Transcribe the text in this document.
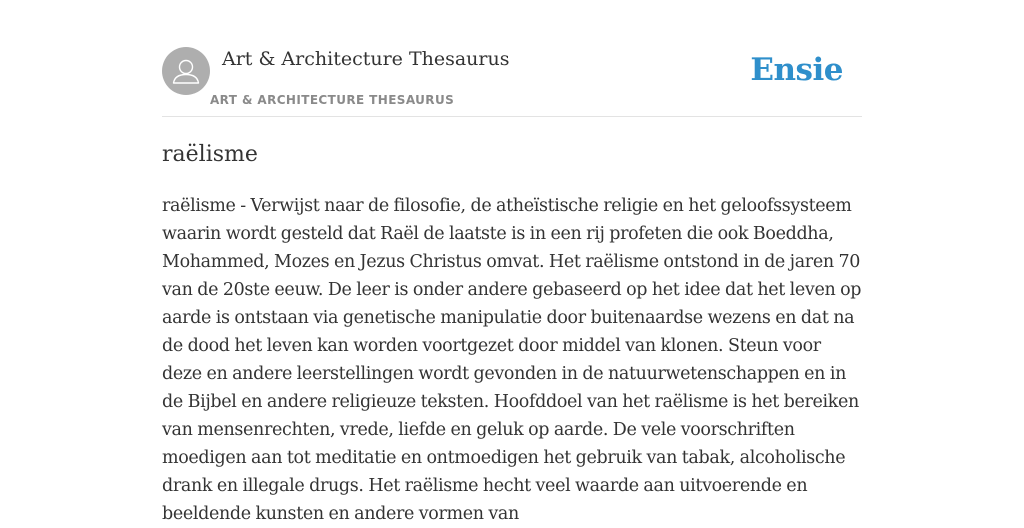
Art & Architecture Thesaurus
ART & ARCHITECTURE THESAURUS
Ensie
raëlisme

raëlisme - Verwijst naar de filosofie, de atheïstische religie en het geloofssysteem waarin wordt gesteld dat Raël de laatste is in een rij profeten die ook Boeddha, Mohammed, Mozes en Jezus Christus omvat. Het raëlisme ontstond in de jaren 70 van de 20ste eeuw. De leer is onder andere gebaseerd op het idee dat het leven op aarde is ontstaan via genetische manipulatie door buitenaardse wezens en dat na de dood het leven kan worden voortgezet door middel van klonen. Steun voor deze en andere leerstellingen wordt gevonden in de natuurwetenschappen en in de Bijbel en andere religieuze teksten. Hoofddoel van het raëlisme is het bereiken van mensenrechten, vrede, liefde en geluk op aarde. De vele voorschriften moedigen aan tot meditatie en ontmoedigen het gebruik van tabak, alcoholische drank en illegale drugs. Het raëlisme hecht veel waarde aan uitvoerende en beeldende kunsten en andere vormen van
